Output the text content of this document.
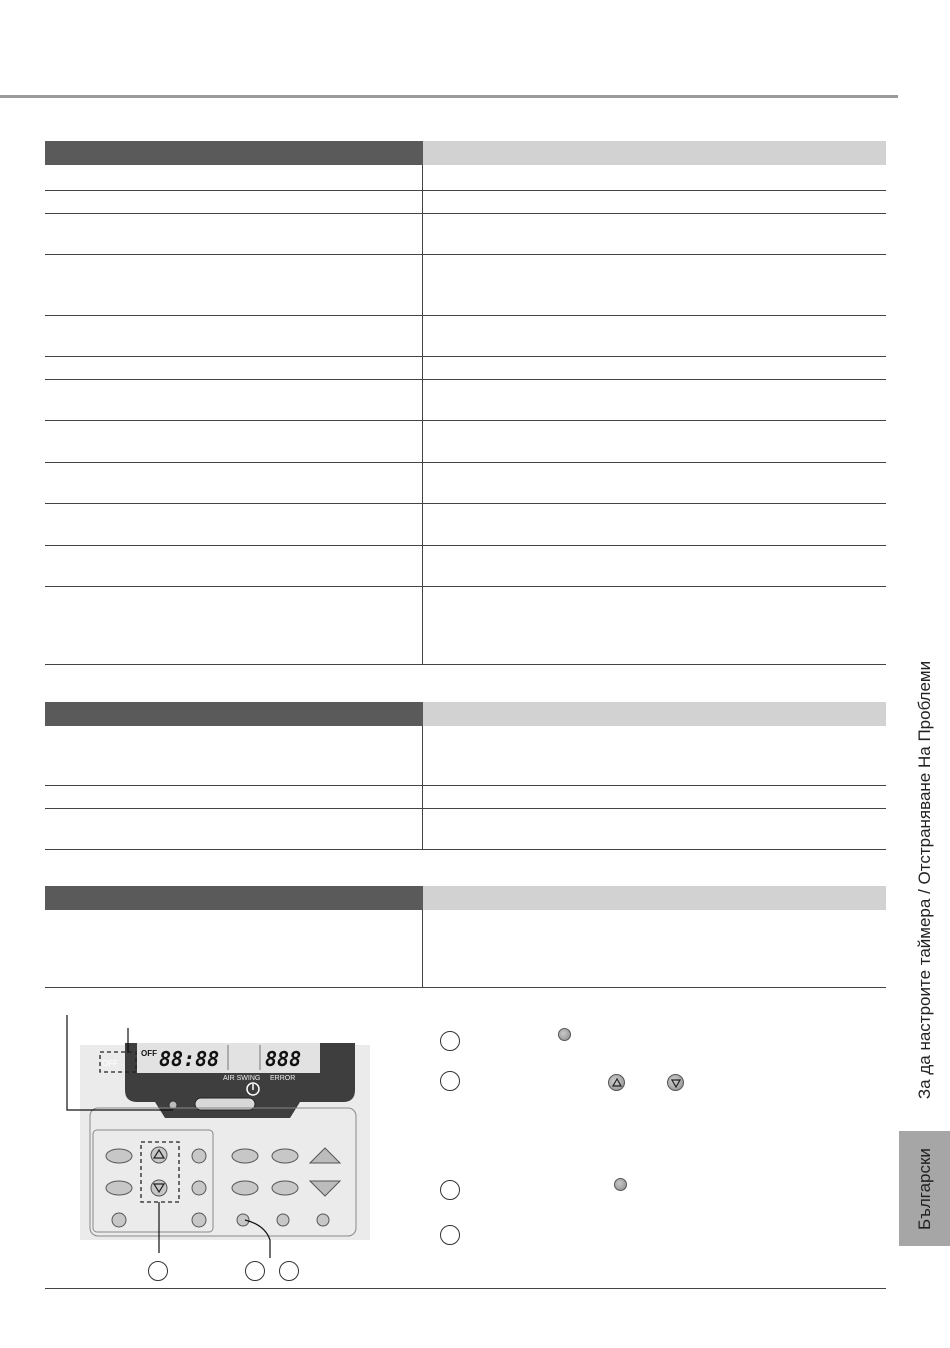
OFF
OFF 88:88 888
AIR SWING ERROR	За да настроите таймера / Отстраняване На Проблеми
Български
